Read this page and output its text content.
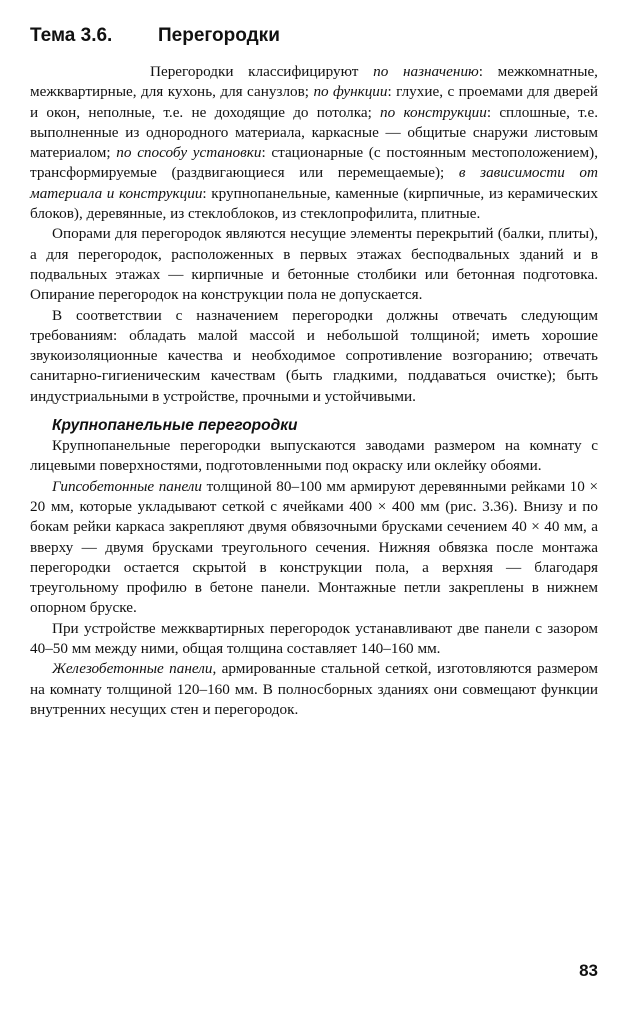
Тема 3.6.	Перегородки

Перегородки классифицируют по назначению: межкомнатные, межквартирные, для кухонь, для санузлов; по функции: глухие, с проемами для дверей и окон, неполные, т.е. не доходящие до потолка; по конструкции: сплошные, т.е. выполненные из однородного материала, каркасные — общитые снаружи листовым материалом; по способу установки: стационарные (с постоянным местоположением), трансформируемые (раздвигающиеся или перемещаемые); в зависимости от материала и конструкции: крупнопанельные, каменные (кирпичные, из керамических блоков), деревянные, из стеклоблоков, из стеклопрофилита, плитные.

Опорами для перегородок являются несущие элементы перекрытий (балки, плиты), а для перегородок, расположенных в первых этажах бесподвальных зданий и в подвальных этажах — кирпичные и бетонные столбики или бетонная подготовка. Опирание перегородок на конструкции пола не допускается.

В соответствии с назначением перегородки должны отвечать следующим требованиям: обладать малой массой и небольшой толщиной; иметь хорошие звукоизоляционные качества и необходимое сопротивление возгоранию; отвечать санитарно-гигиеническим качествам (быть гладкими, поддаваться очистке); быть индустриальными в устройстве, прочными и устойчивыми.

Крупнопанельные перегородки

Крупнопанельные перегородки выпускаются заводами размером на комнату с лицевыми поверхностями, подготовленными под окраску или оклейку обоями.

Гипсобетонные панели толщиной 80–100 мм армируют деревянными рейками 10 × 20 мм, которые укладывают сеткой с ячейками 400 × 400 мм (рис. 3.36). Внизу и по бокам рейки каркаса закрепляют двумя обвязочными брусками сечением 40 × 40 мм, а вверху — двумя брусками треугольного сечения. Нижняя обвязка после монтажа перегородки остается скрытой в конструкции пола, а верхняя — благодаря треугольному профилю в бетоне панели. Монтажные петли закреплены в нижнем опорном бруске.

При устройстве межквартирных перегородок устанавливают две панели с зазором 40–50 мм между ними, общая толщина составляет 140–160 мм.

Железобетонные панели, армированные стальной сеткой, изготовляются размером на комнату толщиной 120–160 мм. В полносборных зданиях они совмещают функции внутренних несущих стен и перегородок.

83
